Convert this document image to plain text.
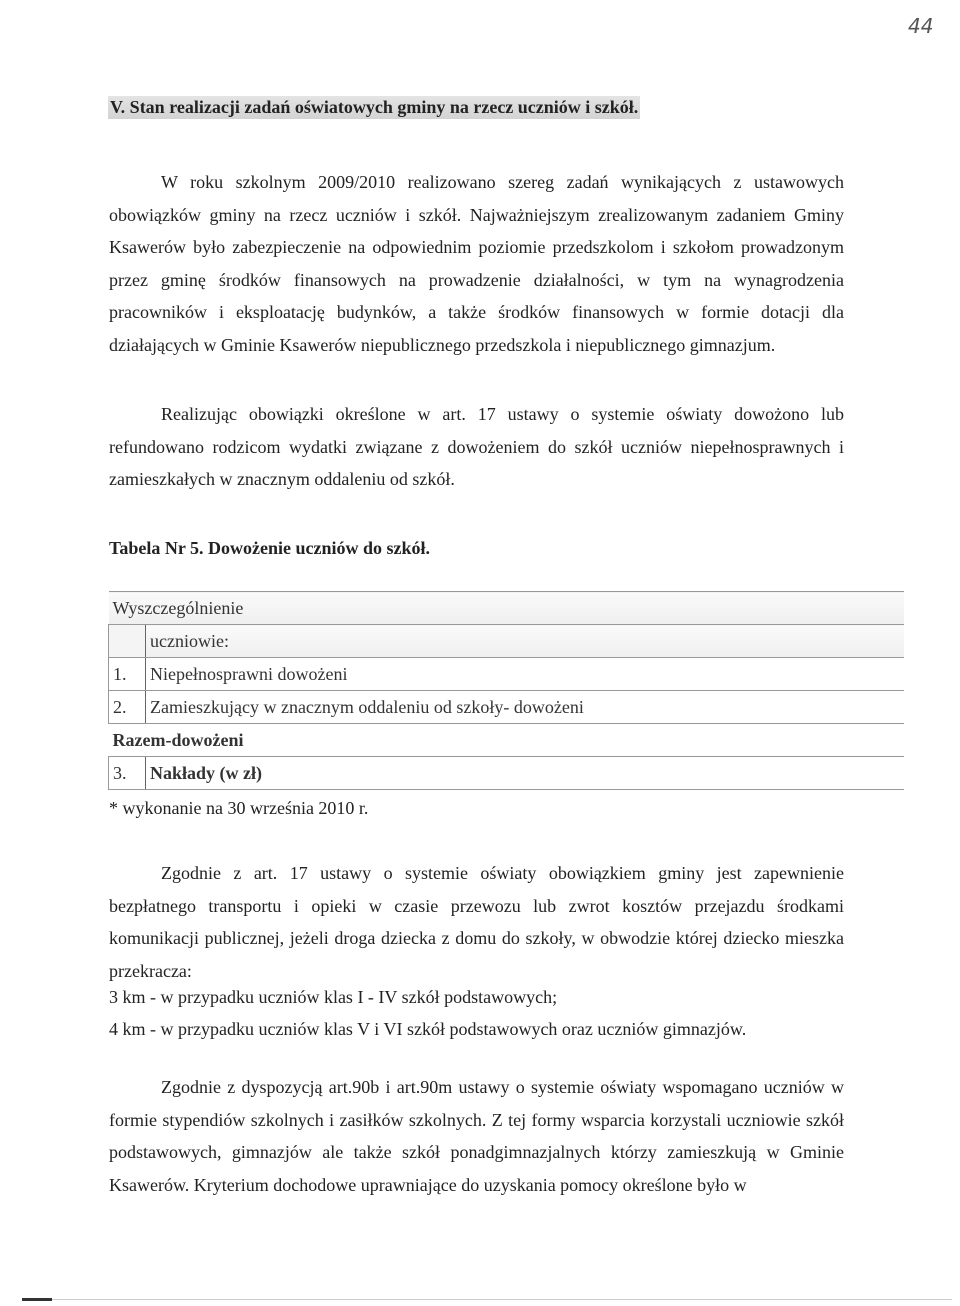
44
V. Stan realizacji zadań oświatowych gminy na rzecz uczniów i szkół.

W roku szkolnym 2009/2010 realizowano szereg zadań wynikających z ustawowych obowiązków gminy na rzecz uczniów i szkół. Najważniejszym zrealizowanym zadaniem Gminy Ksawerów było zabezpieczenie na odpowiednim poziomie przedszkolom i szkołom prowadzonym przez gminę środków finansowych na prowadzenie działalności, w tym na wynagrodzenia pracowników i eksploatację budynków, a także środków finansowych w formie dotacji dla działających w Gminie Ksawerów niepublicznego przedszkola i niepublicznego gimnazjum.

Realizując obowiązki określone w art. 17 ustawy o systemie oświaty dowożono lub refundowano rodzicom wydatki związane z dowożeniem do szkół uczniów niepełnosprawnych i zamieszkałych w znacznym oddaleniu od szkół.

Tabela Nr 5. Dowożenie uczniów do szkół.

Wyszczególnienie	
	uczniowie:
1.	Niepełnosprawni dowożeni
2.	Zamieszkujący w znacznym oddaleniu od szkoły- dowożeni
Razem-dowożeni	
3.	Nakłady (w zł)

* wykonanie na 30 września 2010 r.

Zgodnie z art. 17 ustawy o systemie oświaty obowiązkiem gminy jest zapewnienie bezpłatnego transportu i opieki w czasie przewozu lub zwrot kosztów przejazdu środkami komunikacji publicznej, jeżeli droga dziecka z domu do szkoły, w obwodzie której dziecko mieszka przekracza:

3 km - w przypadku uczniów klas I - IV szkół podstawowych;

4 km - w przypadku uczniów klas V i VI szkół podstawowych oraz uczniów gimnazjów.

Zgodnie z dyspozycją art.90b i art.90m ustawy o systemie oświaty wspomagano uczniów w formie stypendiów szkolnych i zasiłków szkolnych. Z tej formy wsparcia korzystali uczniowie szkół podstawowych, gimnazjów ale także szkół ponadgimnazjalnych którzy zamieszkują w Gminie Ksawerów. Kryterium dochodowe uprawniające do uzyskania pomocy określone było w
